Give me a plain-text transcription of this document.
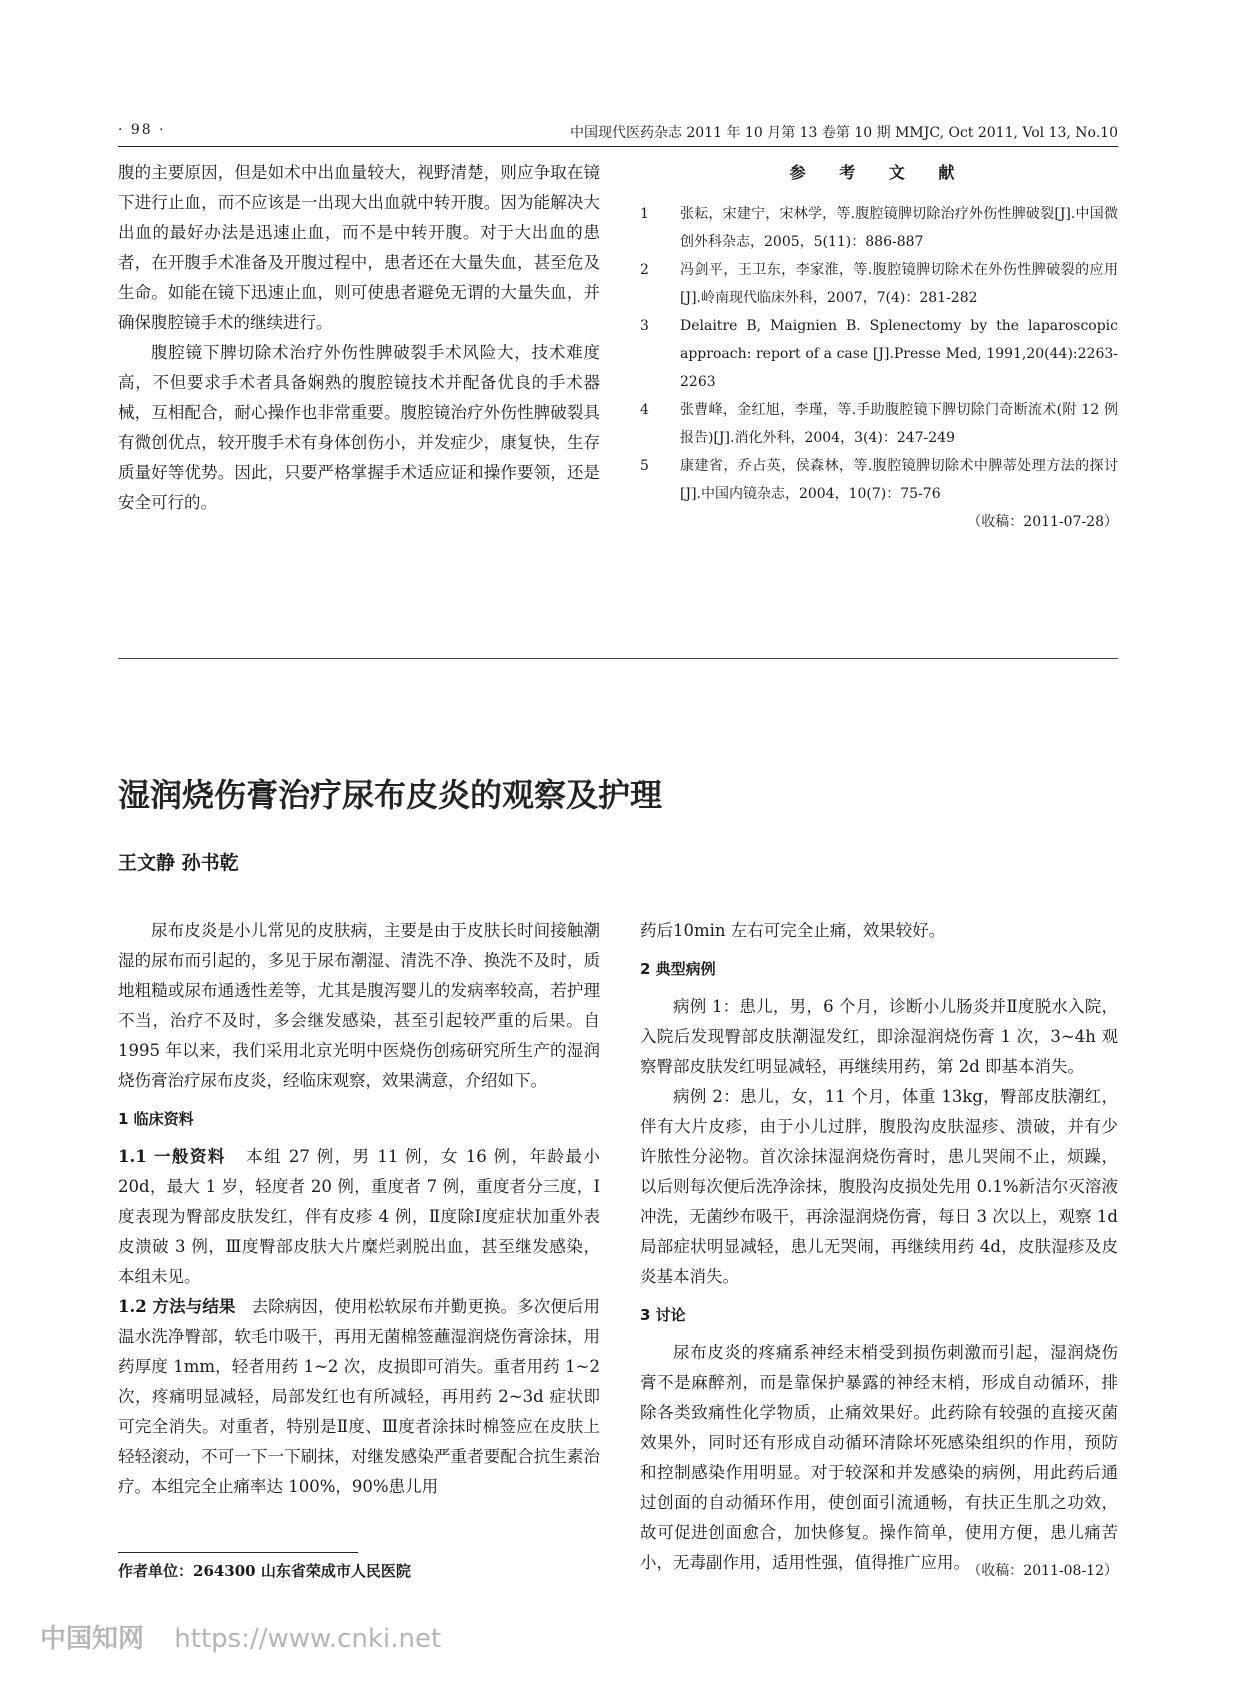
· 98 ·	中国现代医药杂志 2011 年 10 月第 13 卷第 10 期 MMJC, Oct 2011, Vol 13, No.10

腹的主要原因，但是如术中出血量较大，视野清楚，则应争取在镜下进行止血，而不应该是一出现大出血就中转开腹。因为能解决大出血的最好办法是迅速止血，而不是中转开腹。对于大出血的患者，在开腹手术准备及开腹过程中，患者还在大量失血，甚至危及生命。如能在镜下迅速止血，则可使患者避免无谓的大量失血，并确保腹腔镜手术的继续进行。

腹腔镜下脾切除术治疗外伤性脾破裂手术风险大，技术难度高，不但要求手术者具备娴熟的腹腔镜技术并配备优良的手术器械，互相配合，耐心操作也非常重要。腹腔镜治疗外伤性脾破裂具有微创优点，较开腹手术有身体创伤小，并发症少，康复快，生存质量好等优势。因此，只要严格掌握手术适应证和操作要领，还是安全可行的。

参 考 文 献

1	张耘，宋建宁，宋林学，等.腹腔镜脾切除治疗外伤性脾破裂[J].中国微创外科杂志，2005，5(11)：886-887
2	冯剑平，王卫东，李家淮，等.腹腔镜脾切除术在外伤性脾破裂的应用[J].岭南现代临床外科，2007，7(4)：281-282
3	Delaitre B, Maignien B. Splenectomy by the laparoscopic approach: report of a case [J].Presse Med, 1991,20(44):2263-2263
4	张曹峰，金红旭，李瑾，等.手助腹腔镜下脾切除门奇断流术(附 12 例报告)[J].消化外科，2004，3(4)：247-249
5	康建省，乔占英，侯森林，等.腹腔镜脾切除术中脾蒂处理方法的探讨[J].中国内镜杂志，2004，10(7)：75-76

（收稿：2011-07-28）

湿润烧伤膏治疗尿布皮炎的观察及护理
王文静 孙书乾

尿布皮炎是小儿常见的皮肤病，主要是由于皮肤长时间接触潮湿的尿布而引起的，多见于尿布潮湿、清洗不净、换洗不及时，质地粗糙或尿布通透性差等，尤其是腹泻婴儿的发病率较高，若护理不当，治疗不及时，多会继发感染，甚至引起较严重的后果。自 1995 年以来，我们采用北京光明中医烧伤创疡研究所生产的湿润烧伤膏治疗尿布皮炎，经临床观察，效果满意，介绍如下。

1 临床资料

1.1 一般资料 本组 27 例，男 11 例，女 16 例，年龄最小 20d，最大 1 岁，轻度者 20 例，重度者 7 例，重度者分三度，Ⅰ度表现为臀部皮肤发红，伴有皮疹 4 例，Ⅱ度除Ⅰ度症状加重外表皮溃破 3 例，Ⅲ度臀部皮肤大片糜烂剥脱出血，甚至继发感染，本组未见。

1.2 方法与结果 去除病因，使用松软尿布并勤更换。多次便后用温水洗净臀部，软毛巾吸干，再用无菌棉签蘸湿润烧伤膏涂抹，用药厚度 1mm，轻者用药 1~2 次，皮损即可消失。重者用药 1~2 次，疼痛明显减轻，局部发红也有所减轻，再用药 2~3d 症状即可完全消失。对重者，特别是Ⅱ度、Ⅲ度者涂抹时棉签应在皮肤上轻轻滚动，不可一下一下刷抹，对继发感染严重者要配合抗生素治疗。本组完全止痛率达 100%，90%患儿用

药后10min 左右可完全止痛，效果较好。

2 典型病例

病例 1：患儿，男，6 个月，诊断小儿肠炎并Ⅱ度脱水入院，入院后发现臀部皮肤潮湿发红，即涂湿润烧伤膏 1 次，3~4h 观察臀部皮肤发红明显减轻，再继续用药，第 2d 即基本消失。

病例 2：患儿，女，11 个月，体重 13kg，臀部皮肤潮红，伴有大片皮疹，由于小儿过胖，腹股沟皮肤湿疹、溃破，并有少许脓性分泌物。首次涂抹湿润烧伤膏时，患儿哭闹不止，烦躁，以后则每次便后洗净涂抹，腹股沟皮损处先用 0.1%新洁尔灭溶液冲洗，无菌纱布吸干，再涂湿润烧伤膏，每日 3 次以上，观察 1d 局部症状明显减轻，患儿无哭闹，再继续用药 4d，皮肤湿疹及皮炎基本消失。

3 讨论

尿布皮炎的疼痛系神经末梢受到损伤刺激而引起，湿润烧伤膏不是麻醉剂，而是靠保护暴露的神经末梢，形成自动循环，排除各类致痛性化学物质，止痛效果好。此药除有较强的直接灭菌效果外，同时还有形成自动循环清除坏死感染组织的作用，预防和控制感染作用明显。对于较深和并发感染的病例，用此药后通过创面的自动循环作用，使创面引流通畅，有扶正生肌之功效，故可促进创面愈合，加快修复。操作简单，使用方便，患儿痛苦小，无毒副作用，适用性强，值得推广应用。

作者单位：264300 山东省荣成市人民医院	（收稿：2011-08-12）
中国知网 https://www.cnki.net
